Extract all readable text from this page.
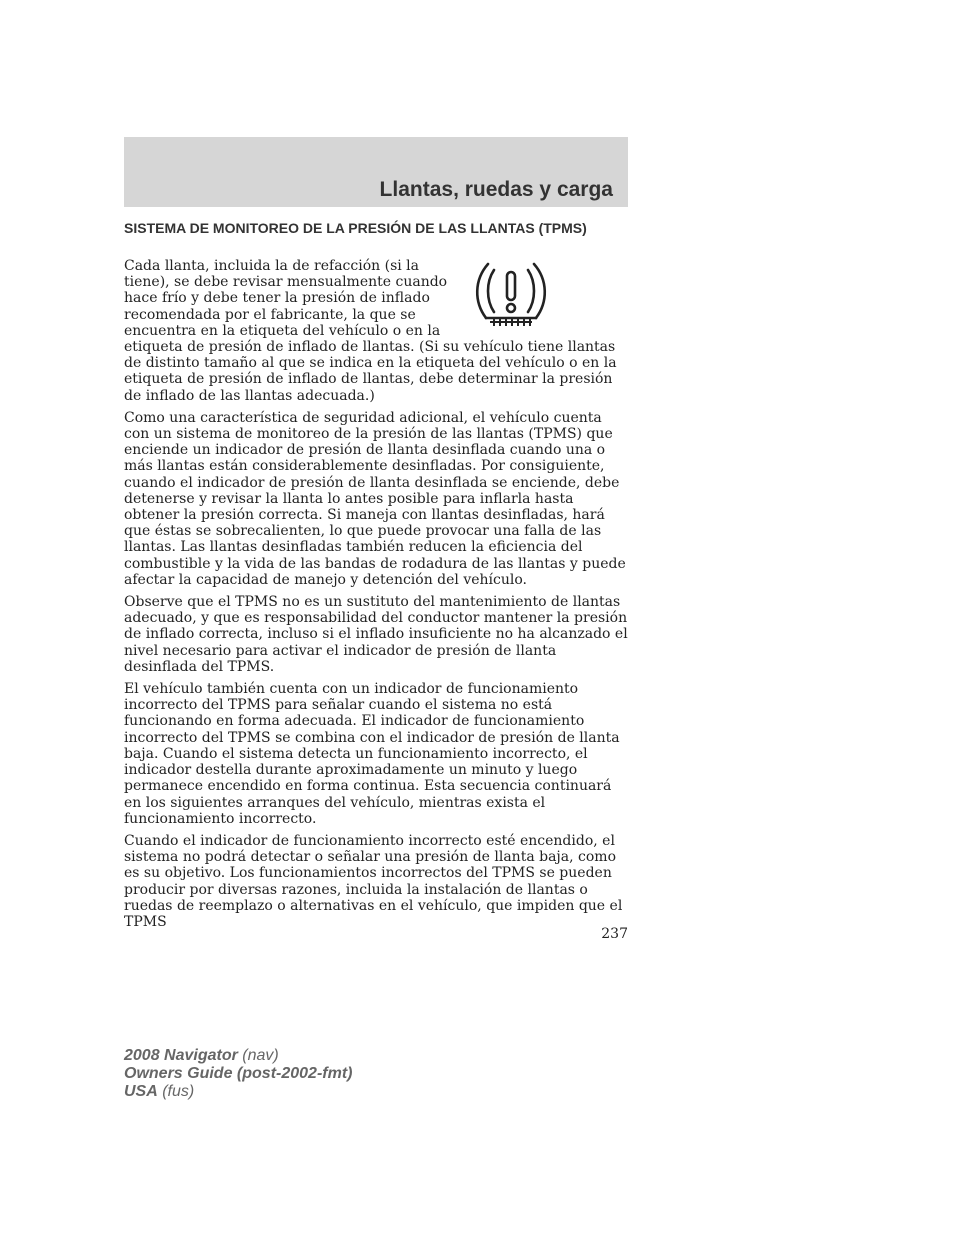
Llantas, ruedas y carga
SISTEMA DE MONITOREO DE LA PRESIÓN DE LAS LLANTAS (TPMS)

Cada llanta, incluida la de refacción (si la tiene), se debe revisar mensualmente cuando hace frío y debe tener la presión de inflado recomendada por el fabricante, la que se encuentra en la etiqueta del vehículo o en la etiqueta de presión de inflado de llantas. (Si su vehículo tiene llantas de distinto tamaño al que se indica en la etiqueta del vehículo o en la etiqueta de presión de inflado de llantas, debe determinar la presión de inflado de las llantas adecuada.)

Como una característica de seguridad adicional, el vehículo cuenta con un sistema de monitoreo de la presión de las llantas (TPMS) que enciende un indicador de presión de llanta desinflada cuando una o más llantas están considerablemente desinfladas. Por consiguiente, cuando el indicador de presión de llanta desinflada se enciende, debe detenerse y revisar la llanta lo antes posible para inflarla hasta obtener la presión correcta. Si maneja con llantas desinfladas, hará que éstas se sobrecalienten, lo que puede provocar una falla de las llantas. Las llantas desinfladas también reducen la eficiencia del combustible y la vida de las bandas de rodadura de las llantas y puede afectar la capacidad de manejo y detención del vehículo.

Observe que el TPMS no es un sustituto del mantenimiento de llantas adecuado, y que es responsabilidad del conductor mantener la presión de inflado correcta, incluso si el inflado insuficiente no ha alcanzado el nivel necesario para activar el indicador de presión de llanta desinflada del TPMS.

El vehículo también cuenta con un indicador de funcionamiento incorrecto del TPMS para señalar cuando el sistema no está funcionando en forma adecuada. El indicador de funcionamiento incorrecto del TPMS se combina con el indicador de presión de llanta baja. Cuando el sistema detecta un funcionamiento incorrecto, el indicador destella durante aproximadamente un minuto y luego permanece encendido en forma continua. Esta secuencia continuará en los siguientes arranques del vehículo, mientras exista el funcionamiento incorrecto.

Cuando el indicador de funcionamiento incorrecto esté encendido, el sistema no podrá detectar o señalar una presión de llanta baja, como es su objetivo. Los funcionamientos incorrectos del TPMS se pueden producir por diversas razones, incluida la instalación de llantas o ruedas de reemplazo o alternativas en el vehículo, que impiden que el TPMS

237
2008 Navigator (nav)
Owners Guide (post-2002-fmt)
USA (fus)
